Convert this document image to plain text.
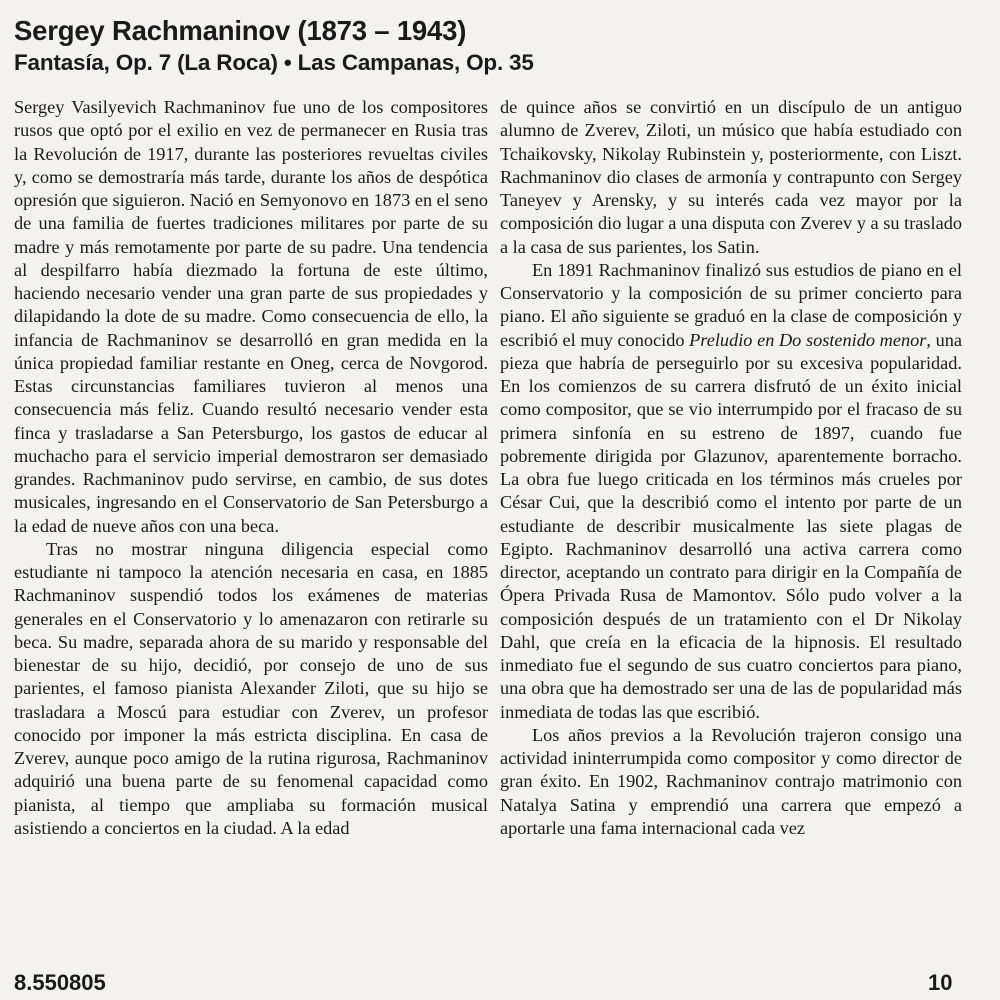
Sergey Rachmaninov (1873 – 1943)
Fantasía, Op. 7 (La Roca) • Las Campanas, Op. 35

Sergey Vasilyevich Rachmaninov fue uno de los compositores rusos que optó por el exilio en vez de permanecer en Rusia tras la Revolución de 1917, durante las posteriores revueltas civiles y, como se demostraría más tarde, durante los años de despótica opresión que siguieron. Nació en Semyonovo en 1873 en el seno de una familia de fuertes tradiciones militares por parte de su madre y más remotamente por parte de su padre. Una tendencia al despilfarro había diezmado la fortuna de este último, haciendo necesario vender una gran parte de sus propiedades y dilapidando la dote de su madre. Como consecuencia de ello, la infancia de Rachmaninov se desarrolló en gran medida en la única propiedad familiar restante en Oneg, cerca de Novgorod. Estas circunstancias familiares tuvieron al menos una consecuencia más feliz. Cuando resultó necesario vender esta finca y trasladarse a San Petersburgo, los gastos de educar al muchacho para el servicio imperial demostraron ser demasiado grandes. Rachmaninov pudo servirse, en cambio, de sus dotes musicales, ingresando en el Conservatorio de San Petersburgo a la edad de nueve años con una beca.

Tras no mostrar ninguna diligencia especial como estudiante ni tampoco la atención necesaria en casa, en 1885 Rachmaninov suspendió todos los exámenes de materias generales en el Conservatorio y lo amenazaron con retirarle su beca. Su madre, separada ahora de su marido y responsable del bienestar de su hijo, decidió, por consejo de uno de sus parientes, el famoso pianista Alexander Ziloti, que su hijo se trasladara a Moscú para estudiar con Zverev, un profesor conocido por imponer la más estricta disciplina. En casa de Zverev, aunque poco amigo de la rutina rigurosa, Rachmaninov adquirió una buena parte de su fenomenal capacidad como pianista, al tiempo que ampliaba su formación musical asistiendo a conciertos en la ciudad. A la edad

de quince años se convirtió en un discípulo de un antiguo alumno de Zverev, Ziloti, un músico que había estudiado con Tchaikovsky, Nikolay Rubinstein y, posteriormente, con Liszt. Rachmaninov dio clases de armonía y contrapunto con Sergey Taneyev y Arensky, y su interés cada vez mayor por la composición dio lugar a una disputa con Zverev y a su traslado a la casa de sus parientes, los Satin.

En 1891 Rachmaninov finalizó sus estudios de piano en el Conservatorio y la composición de su primer concierto para piano. El año siguiente se graduó en la clase de composición y escribió el muy conocido Preludio en Do sostenido menor, una pieza que habría de perseguirlo por su excesiva popularidad. En los comienzos de su carrera disfrutó de un éxito inicial como compositor, que se vio interrumpido por el fracaso de su primera sinfonía en su estreno de 1897, cuando fue pobremente dirigida por Glazunov, aparentemente borracho. La obra fue luego criticada en los términos más crueles por César Cui, que la describió como el intento por parte de un estudiante de describir musicalmente las siete plagas de Egipto. Rachmaninov desarrolló una activa carrera como director, aceptando un contrato para dirigir en la Compañía de Ópera Privada Rusa de Mamontov. Sólo pudo volver a la composición después de un tratamiento con el Dr Nikolay Dahl, que creía en la eficacia de la hipnosis. El resultado inmediato fue el segundo de sus cuatro conciertos para piano, una obra que ha demostrado ser una de las de popularidad más inmediata de todas las que escribió.

Los años previos a la Revolución trajeron consigo una actividad ininterrumpida como compositor y como director de gran éxito. En 1902, Rachmaninov contrajo matrimonio con Natalya Satina y emprendió una carrera que empezó a aportarle una fama internacional cada vez

8.550805	10
